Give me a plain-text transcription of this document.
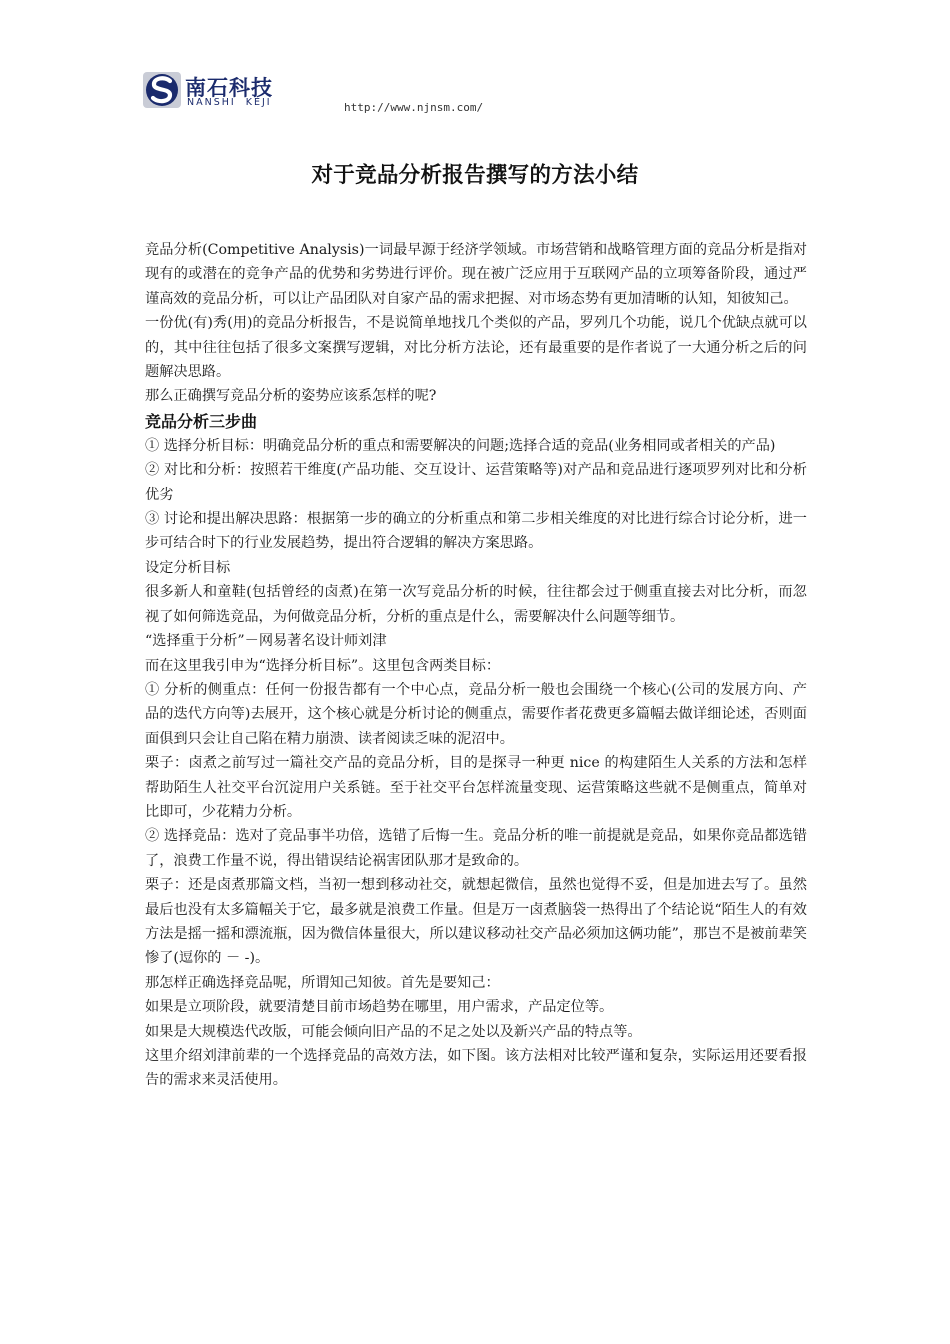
南石科技
NANSHI  KEJI	http://www.njnsm.com/
对于竞品分析报告撰写的方法小结

竞品分析(Competitive Analysis)一词最早源于经济学领域。市场营销和战略管理方面的竞品分析是指对现有的或潜在的竞争产品的优势和劣势进行评价。现在被广泛应用于互联网产品的立项筹备阶段，通过严谨高效的竞品分析，可以让产品团队对自家产品的需求把握、对市场态势有更加清晰的认知，知彼知己。

一份优(有)秀(用)的竞品分析报告，不是说简单地找几个类似的产品，罗列几个功能，说几个优缺点就可以的，其中往往包括了很多文案撰写逻辑，对比分析方法论，还有最重要的是作者说了一大通分析之后的问题解决思路。

那么正确撰写竞品分析的姿势应该系怎样的呢?

竞品分析三步曲

① 选择分析目标：明确竞品分析的重点和需要解决的问题;选择合适的竞品(业务相同或者相关的产品)

② 对比和分析：按照若干维度(产品功能、交互设计、运营策略等)对产品和竞品进行逐项罗列对比和分析优劣

③ 讨论和提出解决思路：根据第一步的确立的分析重点和第二步相关维度的对比进行综合讨论分析，进一步可结合时下的行业发展趋势，提出符合逻辑的解决方案思路。

设定分析目标

很多新人和童鞋(包括曾经的卤煮)在第一次写竞品分析的时候，往往都会过于侧重直接去对比分析，而忽视了如何筛选竞品，为何做竞品分析，分析的重点是什么，需要解决什么问题等细节。

“选择重于分析”－网易著名设计师刘津

而在这里我引申为“选择分析目标”。这里包含两类目标：

① 分析的侧重点：任何一份报告都有一个中心点，竞品分析一般也会围绕一个核心(公司的发展方向、产品的迭代方向等)去展开，这个核心就是分析讨论的侧重点，需要作者花费更多篇幅去做详细论述，否则面面俱到只会让自己陷在精力崩溃、读者阅读乏味的泥沼中。

栗子：卤煮之前写过一篇社交产品的竞品分析，目的是探寻一种更 nice 的构建陌生人关系的方法和怎样帮助陌生人社交平台沉淀用户关系链。至于社交平台怎样流量变现、运营策略这些就不是侧重点，简单对比即可，少花精力分析。

② 选择竞品：选对了竞品事半功倍，选错了后悔一生。竞品分析的唯一前提就是竞品，如果你竞品都选错了，浪费工作量不说，得出错误结论祸害团队那才是致命的。

栗子：还是卤煮那篇文档，当初一想到移动社交，就想起微信，虽然也觉得不妥，但是加进去写了。虽然最后也没有太多篇幅关于它，最多就是浪费工作量。但是万一卤煮脑袋一热得出了个结论说“陌生人的有效方法是摇一摇和漂流瓶，因为微信体量很大，所以建议移动社交产品必须加这俩功能”，那岂不是被前辈笑惨了(逗你的 － -)。

那怎样正确选择竞品呢，所谓知己知彼。首先是要知己：

如果是立项阶段，就要清楚目前市场趋势在哪里，用户需求，产品定位等。

如果是大规模迭代改版，可能会倾向旧产品的不足之处以及新兴产品的特点等。

这里介绍刘津前辈的一个选择竞品的高效方法，如下图。该方法相对比较严谨和复杂，实际运用还要看报告的需求来灵活使用。
